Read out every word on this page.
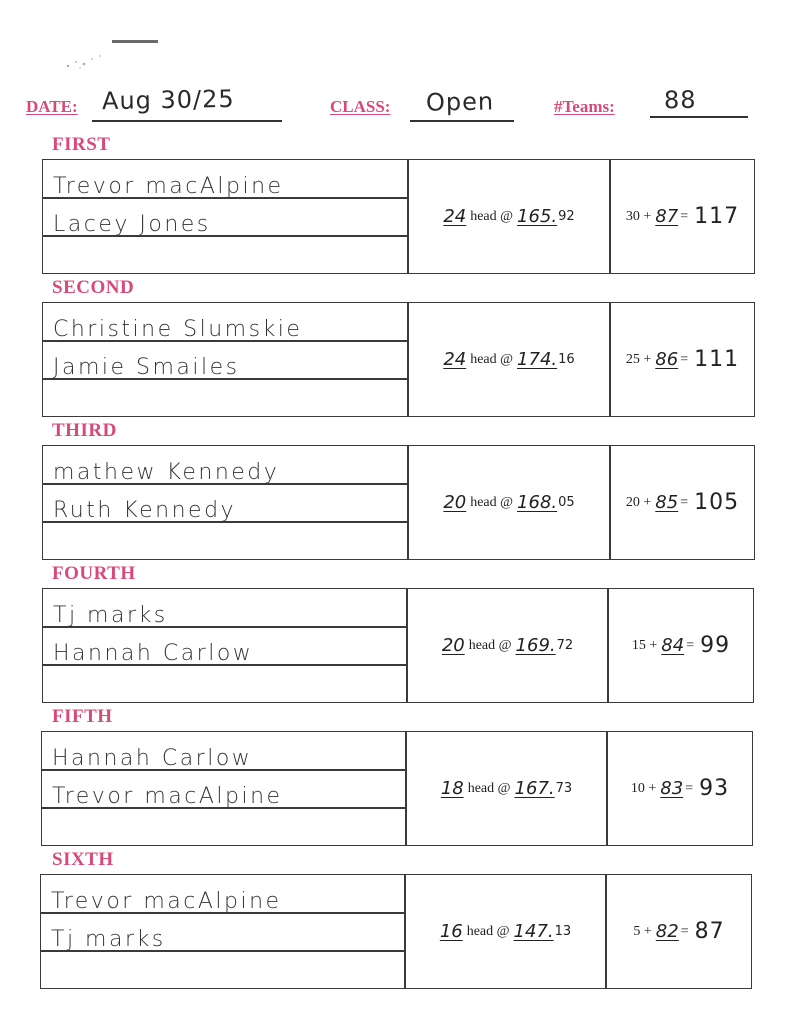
DATE: Aug 30/25	CLASS: Open	#Teams: 88
FIRST
Trevor macAlpine
Lacey Jones	24 head @ 165. 92	30 + 87 = 117
SECOND
Christine Slumskie
Jamie Smailes	24 head @ 174. 16	25 + 86 = 111
THIRD
mathew Kennedy
Ruth Kennedy	20 head @ 168. 05	20 + 85 = 105
FOURTH
Tj marks
Hannah Carlow	20 head @ 169. 72	15 + 84 = 99
FIFTH
Hannah Carlow
Trevor macAlpine	18 head @ 167. 73	10 + 83 = 93
SIXTH
Trevor macAlpine
Tj marks	16 head @ 147. 13	5 + 82 = 87
